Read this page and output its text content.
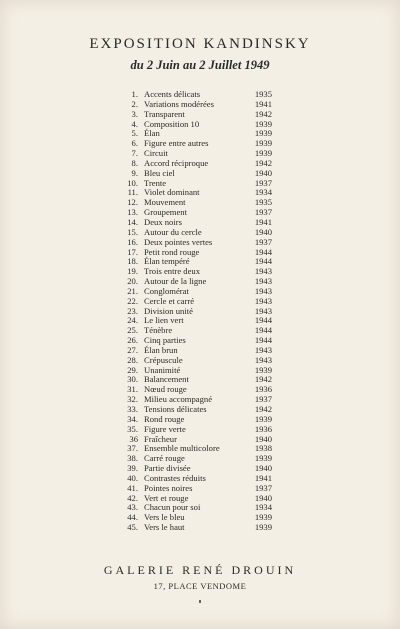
EXPOSITION KANDINSKY
du 2 Juin au 2 Juillet 1949
1. Accents délicats	1935
2. Variations modérées	1941
3. Transparent	1942
4. Composition 10	1939
5. Élan	1939
6. Figure entre autres	1939
7. Circuit	1939
8. Accord réciproque	1942
9. Bleu ciel	1940
10. Trente	1937
11. Violet dominant	1934
12. Mouvement	1935
13. Groupement	1937
14. Deux noirs	1941
15. Autour du cercle	1940
16. Deux pointes vertes	1937
17. Petit rond rouge	1944
18. Élan tempéré	1944
19. Trois entre deux	1943
20. Autour de la ligne	1943
21. Conglomérat	1943
22. Cercle et carré	1943
23. Division unité	1943
24. Le lien vert	1944
25. Ténèbre	1944
26. Cinq parties	1944
27. Élan brun	1943
28. Crépuscule	1943
29. Unanimité	1939
30. Balancement	1942
31. Nœud rouge	1936
32. Milieu accompagné	1937
33. Tensions délicates	1942
34. Rond rouge	1939
35. Figure verte	1936
36 Fraîcheur	1940
37. Ensemble multicolore	1938
38. Carré rouge	1939
39. Partie divisée	1940
40. Contrastes réduits	1941
41. Pointes noires	1937
42. Vert et rouge	1940
43. Chacun pour soi	1934
44. Vers le bleu	1939
45. Vers le haut	1939
GALERIE RENÉ DROUIN
17, PLACE VENDOME
